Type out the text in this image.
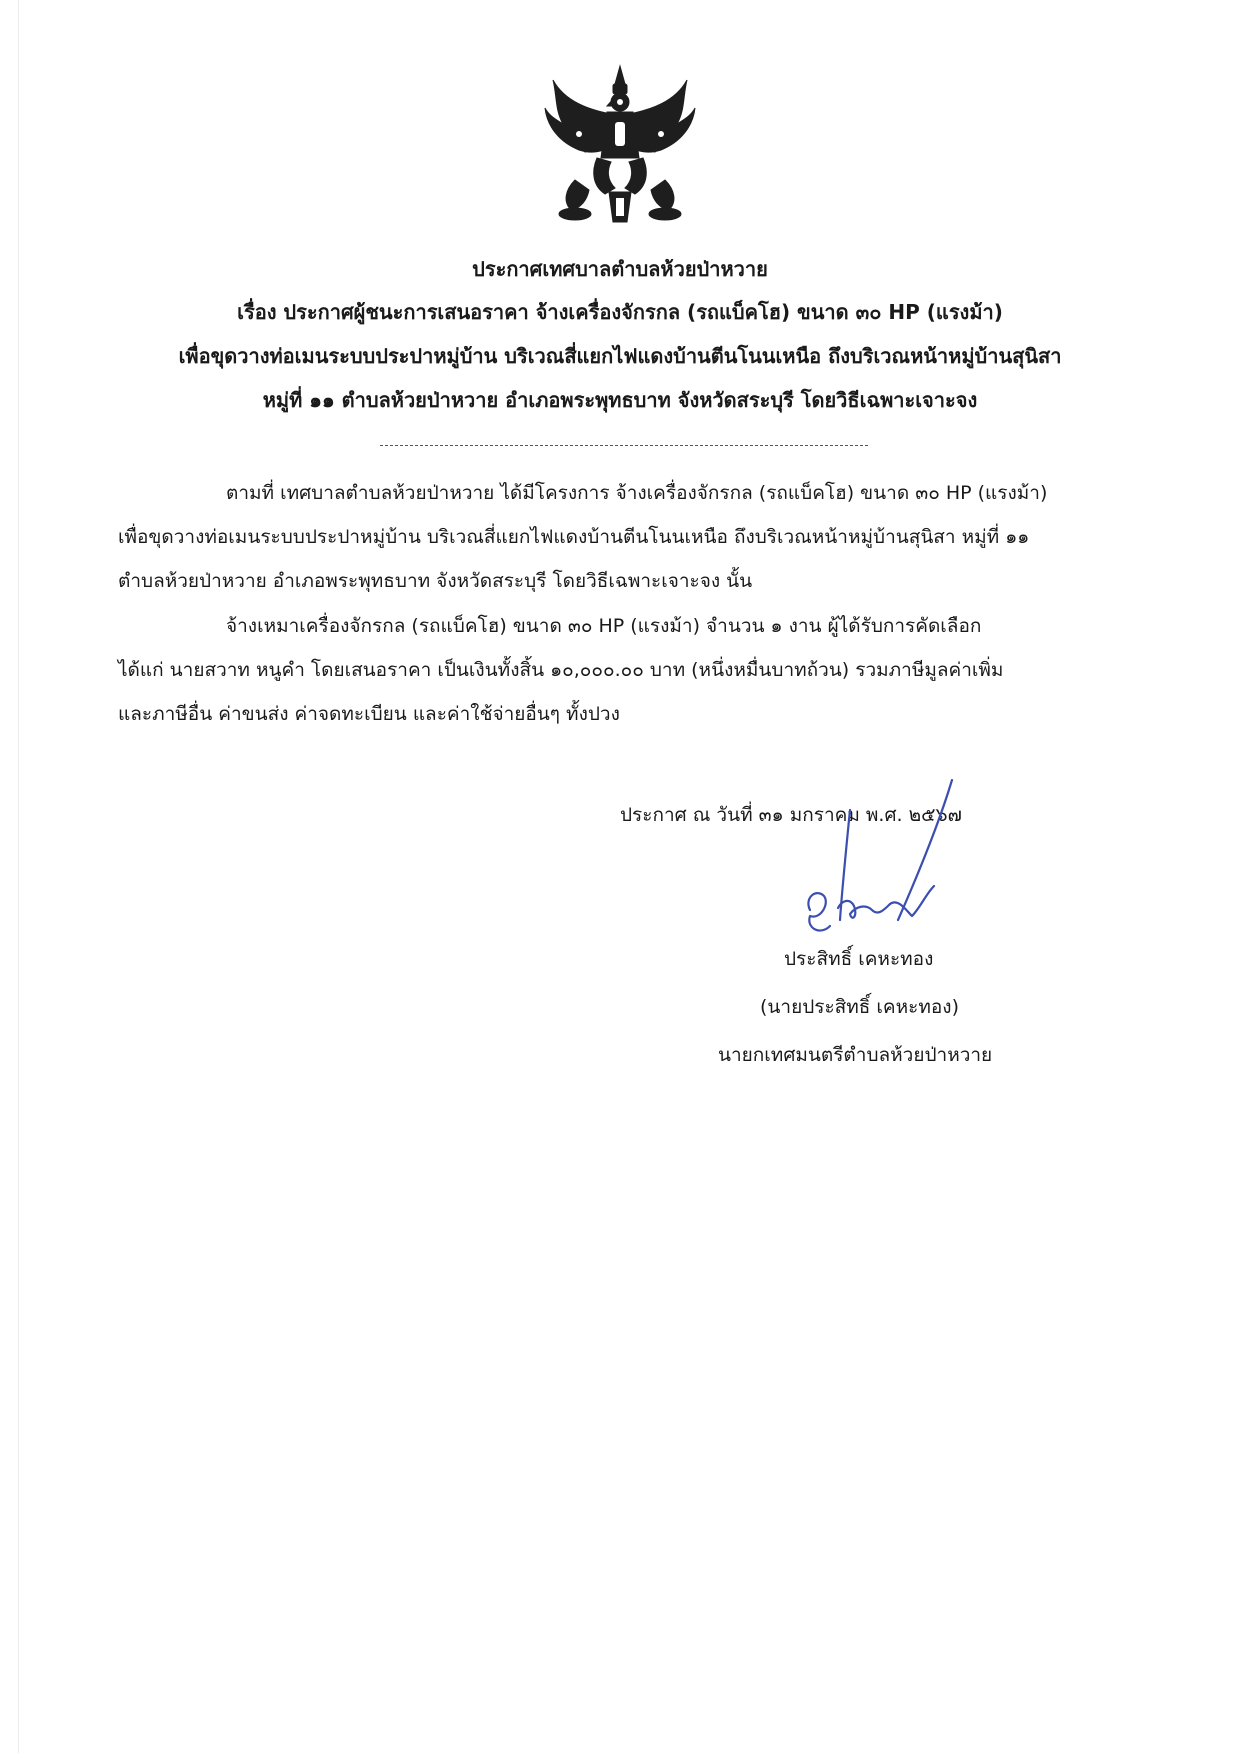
ประกาศเทศบาลตำบลห้วยป่าหวาย
เรื่อง ประกาศผู้ชนะการเสนอราคา จ้างเครื่องจักรกล (รถแบ็คโฮ) ขนาด ๓๐ HP (แรงม้า)
เพื่อขุดวางท่อเมนระบบประปาหมู่บ้าน บริเวณสี่แยกไฟแดงบ้านตีนโนนเหนือ ถึงบริเวณหน้าหมู่บ้านสุนิสา
หมู่ที่ ๑๑ ตำบลห้วยป่าหวาย อำเภอพระพุทธบาท จังหวัดสระบุรี โดยวิธีเฉพาะเจาะจง
ตามที่ เทศบาลตำบลห้วยป่าหวาย ได้มีโครงการ จ้างเครื่องจักรกล (รถแบ็คโฮ) ขนาด ๓๐ HP (แรงม้า)
เพื่อขุดวางท่อเมนระบบประปาหมู่บ้าน บริเวณสี่แยกไฟแดงบ้านตีนโนนเหนือ ถึงบริเวณหน้าหมู่บ้านสุนิสา หมู่ที่ ๑๑
ตำบลห้วยป่าหวาย อำเภอพระพุทธบาท จังหวัดสระบุรี โดยวิธีเฉพาะเจาะจง นั้น
จ้างเหมาเครื่องจักรกล (รถแบ็คโฮ) ขนาด ๓๐ HP (แรงม้า) จำนวน ๑ งาน ผู้ได้รับการคัดเลือก
ได้แก่ นายสวาท หนูคำ โดยเสนอราคา เป็นเงินทั้งสิ้น ๑๐,๐๐๐.๐๐ บาท (หนึ่งหมื่นบาทถ้วน) รวมภาษีมูลค่าเพิ่ม
และภาษีอื่น ค่าขนส่ง ค่าจดทะเบียน และค่าใช้จ่ายอื่นๆ ทั้งปวง
ประกาศ ณ วันที่ ๓๑ มกราคม พ.ศ. ๒๕๖๗
ประสิทธิ์ เคหะทอง
(นายประสิทธิ์ เคหะทอง)
นายกเทศมนตรีตำบลห้วยป่าหวาย
